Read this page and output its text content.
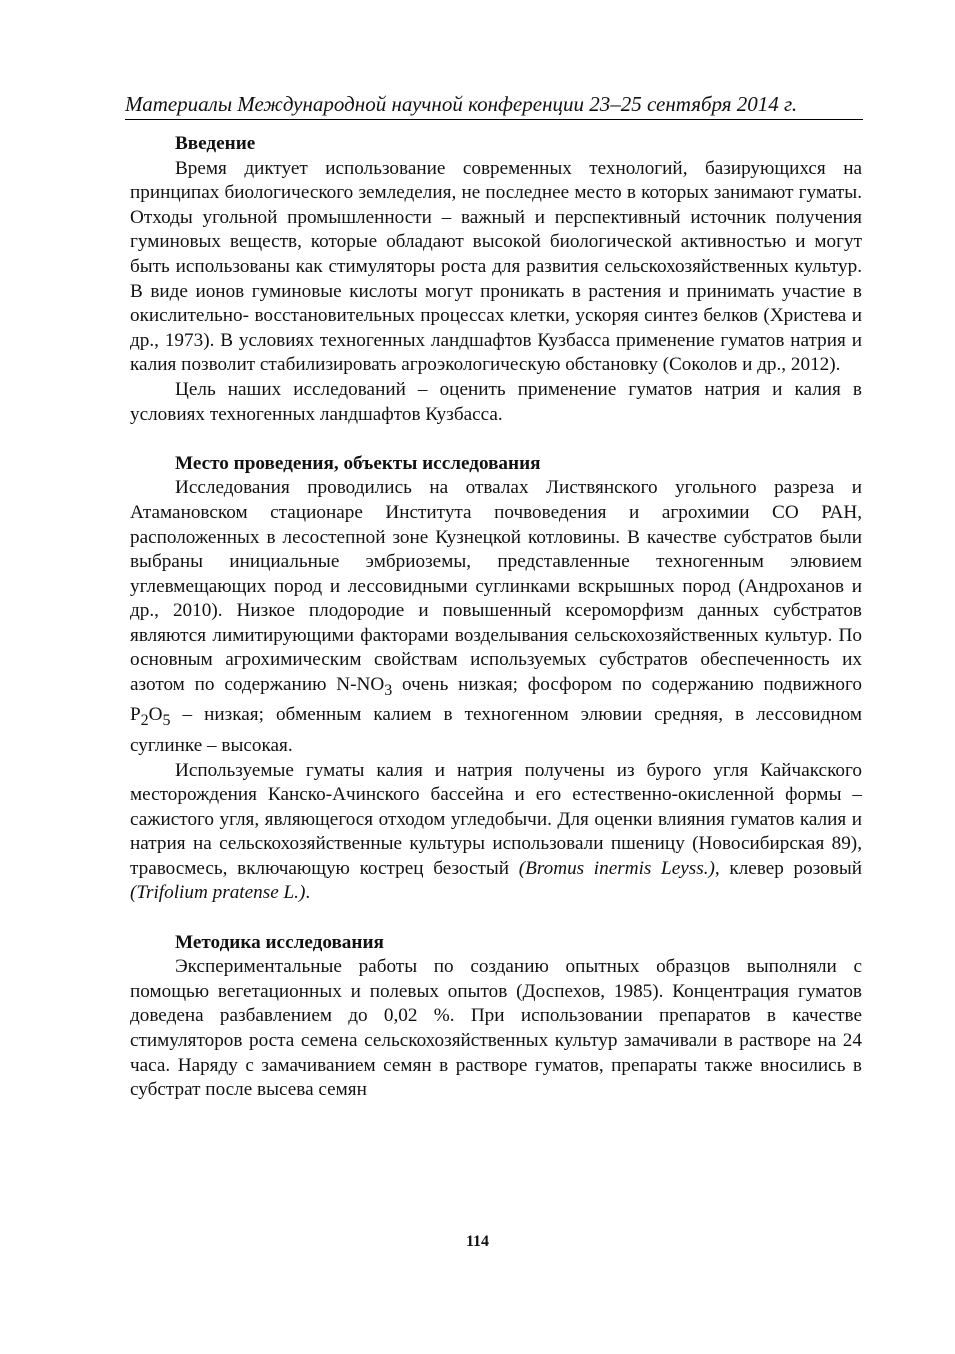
Материалы Международной научной конференции 23–25 сентября 2014 г.
Введение

Время диктует использование современных технологий, базирующихся на принципах биологического земледелия, не последнее место в которых занимают гуматы. Отходы угольной промышленности – важный и перспективный источник получения гуминовых веществ, которые обладают высокой биологической активностью и могут быть использованы как стимуляторы роста для развития сельскохозяйственных культур. В виде ионов гуминовые кислоты могут проникать в растения и принимать участие в окислительно- восстановительных процессах клетки, ускоряя синтез белков (Христева и др., 1973). В условиях техногенных ландшафтов Кузбасса применение гуматов натрия и калия позволит стабилизировать агроэкологическую обстановку (Соколов и др., 2012).

Цель наших исследований – оценить применение гуматов натрия и калия в условиях техногенных ландшафтов Кузбасса.

Место проведения, объекты исследования

Исследования проводились на отвалах Листвянского угольного разреза и Атамановском стационаре Института почвоведения и агрохимии СО РАН, расположенных в лесостепной зоне Кузнецкой котловины. В качестве субстратов были выбраны инициальные эмбриоземы, представленные техногенным элювием углевмещающих пород и лессовидными суглинками вскрышных пород (Андроханов и др., 2010). Низкое плодородие и повышенный ксероморфизм данных субстратов являются лимитирующими факторами возделывания сельскохозяйственных культур. По основным агрохимическим свойствам используемых субстратов обеспеченность их азотом по содержанию $N-NO_3$ очень низкая; фосфором по содержанию подвижного $P_2O_5$ – низкая; обменным калием в техногенном элювии средняя, в лессовидном суглинке – высокая.

Используемые гуматы калия и натрия получены из бурого угля Кайчакского месторождения Канско-Ачинского бассейна и его естественно-окисленной формы – сажистого угля, являющегося отходом угледобычи. Для оценки влияния гуматов калия и натрия на сельскохозяйственные культуры использовали пшеницу (Новосибирская 89), травосмесь, включающую кострец безостый (Bromus inermis Leyss.), клевер розовый (Trifolium pratense L.).

Методика исследования

Экспериментальные работы по созданию опытных образцов выполняли с помощью вегетационных и полевых опытов (Доспехов, 1985). Концентрация гуматов доведена разбавлением до 0,02 %. При использовании препаратов в качестве стимуляторов роста семена сельскохозяйственных культур замачивали в растворе на 24 часа. Наряду с замачиванием семян в растворе гуматов, препараты также вносились в субстрат после высева семян

114
